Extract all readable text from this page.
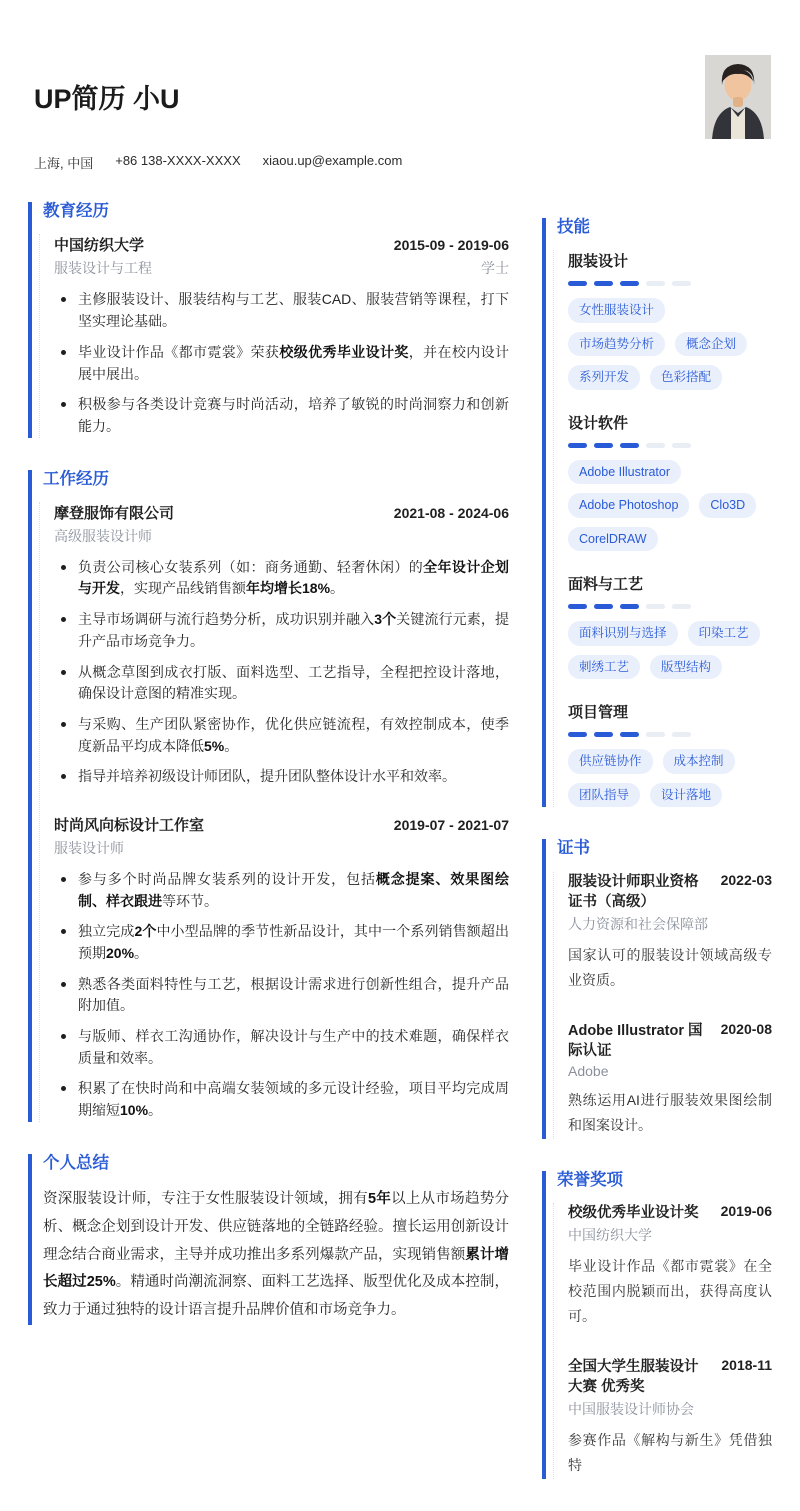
UP简历 小U
上海, 中国 +86 138-XXXX-XXXX xiaou.up@example.com
教育经历
中国纺织大学	2015-09 - 2019-06
服装设计与工程	学士
主修服装设计、服装结构与工艺、服装CAD、服装营销等课程，打下坚实理论基础。
毕业设计作品《都市霓裳》荣获校级优秀毕业设计奖，并在校内设计展中展出。
积极参与各类设计竞赛与时尚活动，培养了敏锐的时尚洞察力和创新能力。
工作经历
摩登服饰有限公司	2021-08 - 2024-06
高级服装设计师
负责公司核心女装系列（如：商务通勤、轻奢休闲）的全年设计企划与开发，实现产品线销售额年均增长18%。
主导市场调研与流行趋势分析，成功识别并融入3个关键流行元素，提升产品市场竞争力。
从概念草图到成衣打版、面料选型、工艺指导，全程把控设计落地，确保设计意图的精准实现。
与采购、生产团队紧密协作，优化供应链流程，有效控制成本，使季度新品平均成本降低5%。
指导并培养初级设计师团队，提升团队整体设计水平和效率。
时尚风向标设计工作室	2019-07 - 2021-07
服装设计师
参与多个时尚品牌女装系列的设计开发，包括概念提案、效果图绘制、样衣跟进等环节。
独立完成2个中小型品牌的季节性新品设计，其中一个系列销售额超出预期20%。
熟悉各类面料特性与工艺，根据设计需求进行创新性组合，提升产品附加值。
与版师、样衣工沟通协作，解决设计与生产中的技术难题，确保样衣质量和效率。
积累了在快时尚和中高端女装领域的多元设计经验，项目平均完成周期缩短10%。
个人总结

资深服装设计师，专注于女性服装设计领域，拥有5年以上从市场趋势分析、概念企划到设计开发、供应链落地的全链路经验。擅长运用创新设计理念结合商业需求，主导并成功推出多系列爆款产品，实现销售额累计增长超过25%。精通时尚潮流洞察、面料工艺选择、版型优化及成本控制，致力于通过独特的设计语言提升品牌价值和市场竞争力。

技能
服装设计
女性服装设计
市场趋势分析	概念企划
系列开发	色彩搭配
设计软件
Adobe Illustrator
Adobe Photoshop	Clo3D
CorelDRAW
面料与工艺
面料识别与选择	印染工艺
刺绣工艺	版型结构
项目管理
供应链协作	成本控制
团队指导	设计落地
证书
服装设计师职业资格证书（高级）
2022-03
人力资源和社会保障部
国家认可的服装设计领域高级专业资质。
Adobe Illustrator 国际认证
2020-08
Adobe
熟练运用AI进行服装效果图绘制和图案设计。
荣誉奖项
校级优秀毕业设计奖 2019-06
中国纺织大学
毕业设计作品《都市霓裳》在全校范围内脱颖而出，获得高度认可。
全国大学生服装设计大赛 优秀奖
2018-11
中国服装设计师协会
参赛作品《解构与新生》凭借独特
